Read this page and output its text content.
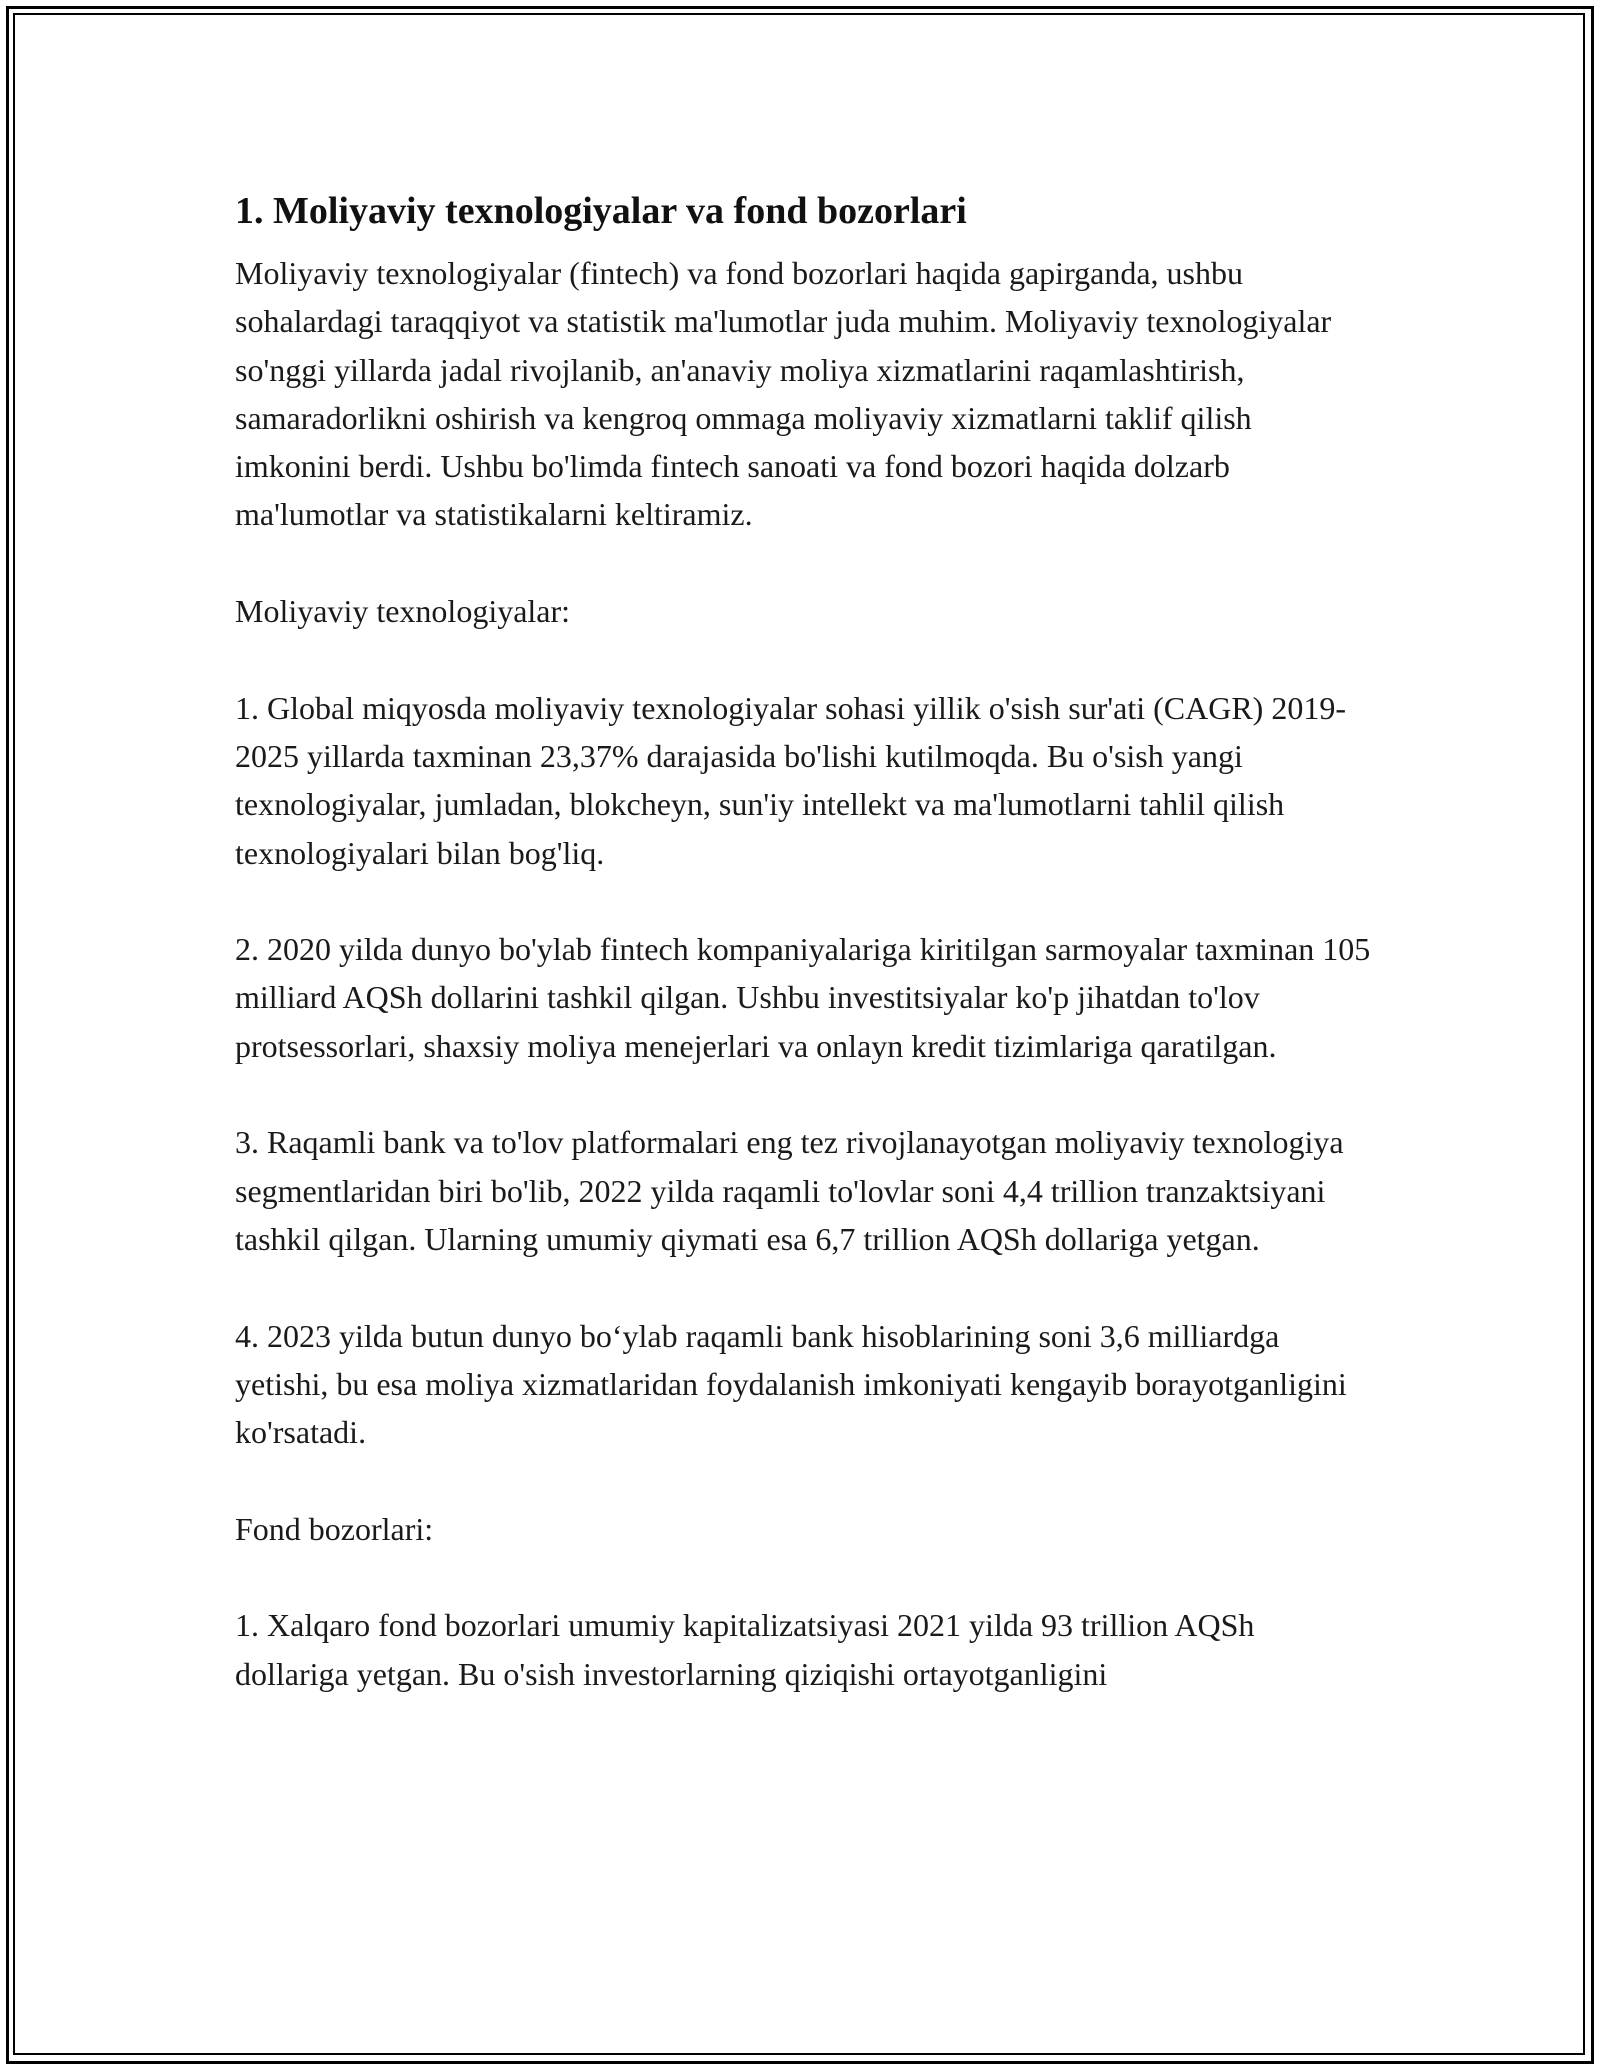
1. Moliyaviy texnologiyalar va fond bozorlari

Moliyaviy texnologiyalar (fintech) va fond bozorlari haqida gapirganda, ushbu sohalardagi taraqqiyot va statistik ma'lumotlar juda muhim. Moliyaviy texnologiyalar so'nggi yillarda jadal rivojlanib, an'anaviy moliya xizmatlarini raqamlashtirish, samaradorlikni oshirish va kengroq ommaga moliyaviy xizmatlarni taklif qilish imkonini berdi. Ushbu bo'limda fintech sanoati va fond bozori haqida dolzarb ma'lumotlar va statistikalarni keltiramiz.

Moliyaviy texnologiyalar:

1. Global miqyosda moliyaviy texnologiyalar sohasi yillik o'sish sur'ati (CAGR) 2019-2025 yillarda taxminan 23,37% darajasida bo'lishi kutilmoqda. Bu o'sish yangi texnologiyalar, jumladan, blokcheyn, sun'iy intellekt va ma'lumotlarni tahlil qilish texnologiyalari bilan bog'liq.

2. 2020 yilda dunyo bo'ylab fintech kompaniyalariga kiritilgan sarmoyalar taxminan 105 milliard AQSh dollarini tashkil qilgan. Ushbu investitsiyalar ko'p jihatdan to'lov protsessorlari, shaxsiy moliya menejerlari va onlayn kredit tizimlariga qaratilgan.

3. Raqamli bank va to'lov platformalari eng tez rivojlanayotgan moliyaviy texnologiya segmentlaridan biri bo'lib, 2022 yilda raqamli to'lovlar soni 4,4 trillion tranzaktsiyani tashkil qilgan. Ularning umumiy qiymati esa 6,7 trillion AQSh dollariga yetgan.

4. 2023 yilda butun dunyo bo‘ylab raqamli bank hisoblarining soni 3,6 milliardga yetishi, bu esa moliya xizmatlaridan foydalanish imkoniyati kengayib borayotganligini ko'rsatadi.

Fond bozorlari:

1. Xalqaro fond bozorlari umumiy kapitalizatsiyasi 2021 yilda 93 trillion AQSh dollariga yetgan. Bu o'sish investorlarning qiziqishi ortayotganligini
